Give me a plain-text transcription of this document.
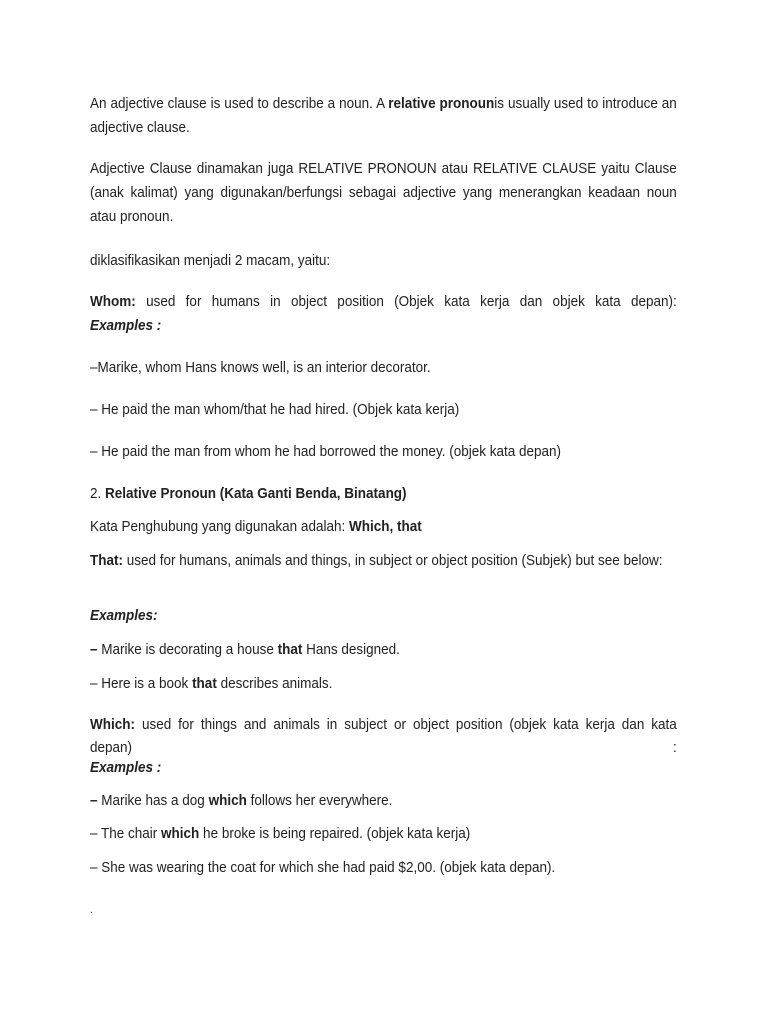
An adjective clause is used to describe a noun. A relative pronounis usually used to introduce an adjective clause.

Adjective Clause dinamakan juga RELATIVE PRONOUN atau RELATIVE CLAUSE yaitu Clause (anak kalimat) yang digunakan/berfungsi sebagai adjective yang menerangkan keadaan noun atau pronoun.

diklasifikasikan menjadi 2 macam, yaitu:

Whom: used for humans in object position (Objek kata kerja dan objek kata depan):

Examples :

–Marike, whom Hans knows well, is an interior decorator.

– He paid the man whom/that he had hired. (Objek kata kerja)

– He paid the man from whom he had borrowed the money. (objek kata depan)

2. Relative Pronoun (Kata Ganti Benda, Binatang)

Kata Penghubung yang digunakan adalah: Which, that

That: used for humans, animals and things, in subject or object position (Subjek) but see below:

Examples:

– Marike is decorating a house that Hans designed.

– Here is a book that describes animals.

Which: used for things and animals in subject or object position (objek kata kerja dan kata

depan)	:

Examples :

– Marike has a dog which follows her everywhere.

– The chair which he broke is being repaired. (objek kata kerja)

– She was wearing the coat for which she had paid $2,00. (objek kata depan).

.
